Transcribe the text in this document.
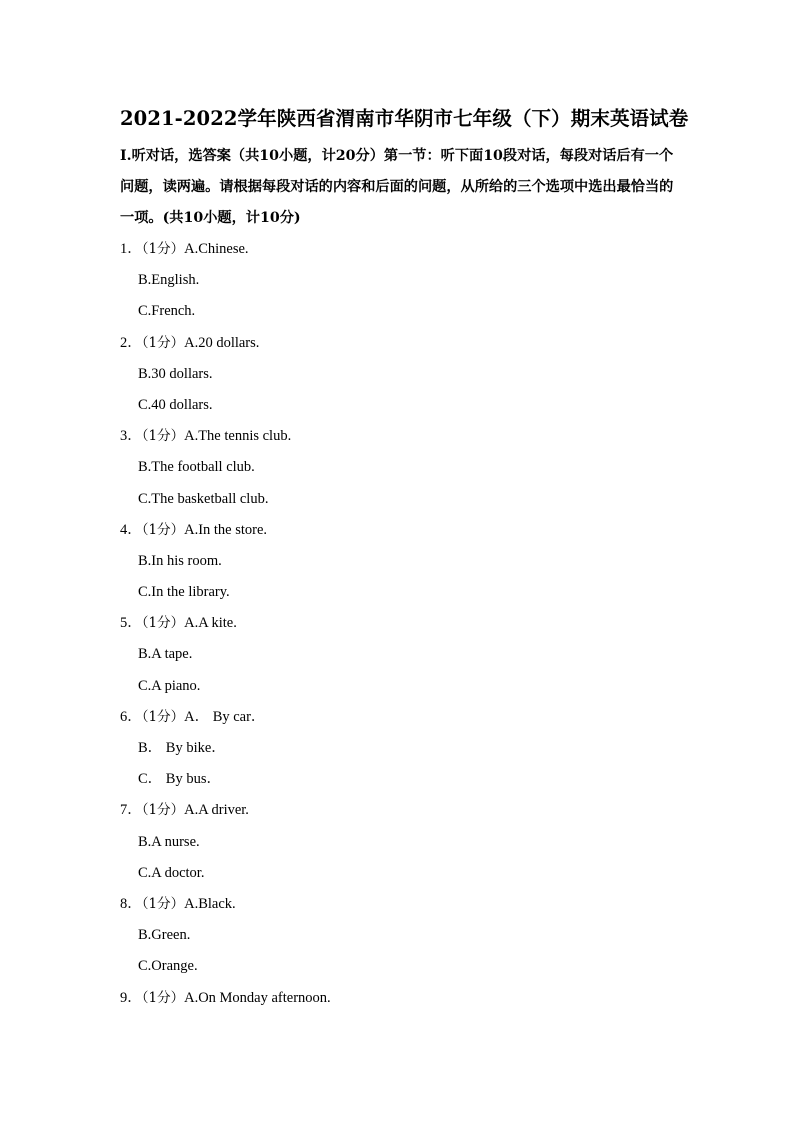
2021-2022学年陕西省渭南市华阴市七年级（下）期末英语试卷
I.听对话，选答案（共10小题，计20分）第一节：听下面10段对话，每段对话后有一个
问题，读两遍。请根据每段对话的内容和后面的问题，从所给的三个选项中选出最恰当的
一项。(共10小题，计10分)
1．（1分）A.Chinese.
B.English.
C.French.
2．（1分）A.20 dollars.
B.30 dollars.
C.40 dollars.
3．（1分）A.The tennis club.
B.The football club.
C.The basketball club.
4．（1分）A.In the store.
B.In his room.
C.In the library.
5．（1分）A.A kite.
B.A tape.
C.A piano.
6．（1分）A． By car．
B． By bike．
C． By bus．
7．（1分）A.A driver.
B.A nurse.
C.A doctor.
8．（1分）A.Black.
B.Green.
C.Orange.
9．（1分）A.On Monday afternoon.
